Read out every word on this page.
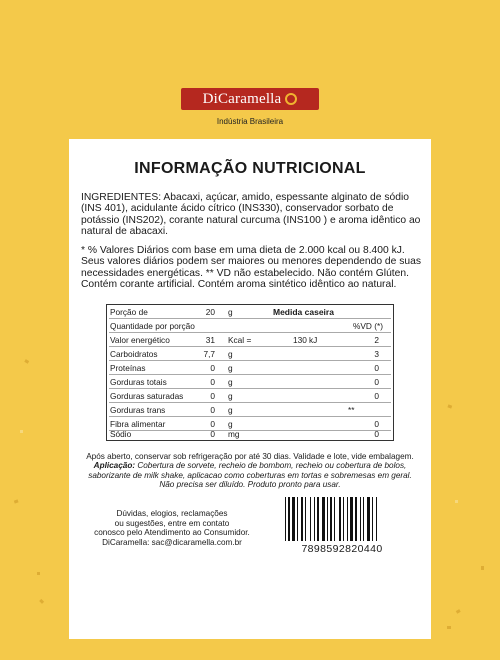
DiCaramella
Indústria Brasileira
INFORMAÇÃO NUTRICIONAL
INGREDIENTES: Abacaxi, açúcar, amido, espessante alginato de sódio (INS 401), acidulante ácido cítrico (INS330), conservador sorbato de potássio (INS202), corante natural curcuma (INS100 ) e aroma idêntico ao natural de abacaxi.
* % Valores Diários com base em uma dieta de 2.000 kcal ou 8.400 kJ. Seus valores diários podem ser maiores ou menores dependendo de suas necessidades energéticas. ** VD não estabelecido. Não contém Glúten. Contém corante artificial. Contém aroma sintético idêntico ao natural.
Porção de	20 g	Medida caseira
Quantidade por porção	%VD (*)
Valor energético	31 Kcal =	130 kJ	2
Carboidratos	7,7 g	3
Proteínas	0 g	0
Gorduras totais	0 g	0
Gorduras saturadas	0 g	0
Gorduras trans	0 g	**
Fibra alimentar	0 g	0
Sódio	0 mg	0
Após aberto, conservar sob refrigeração por até 30 dias. Validade e lote, vide embalagem.
Aplicação: Cobertura de sorvete, recheio de bombom, recheio ou cobertura de bolos,
saborizante de milk shake, aplicacao como coberturas em tortas e sobremesas em geral.
Não precisa ser diluído. Produto pronto para usar.
Dúvidas, elogios, reclamações
ou sugestões, entre em contato
conosco pelo Atendimento ao Consumidor.
DiCaramella: sac@dicaramella.com.br
7898592820440
